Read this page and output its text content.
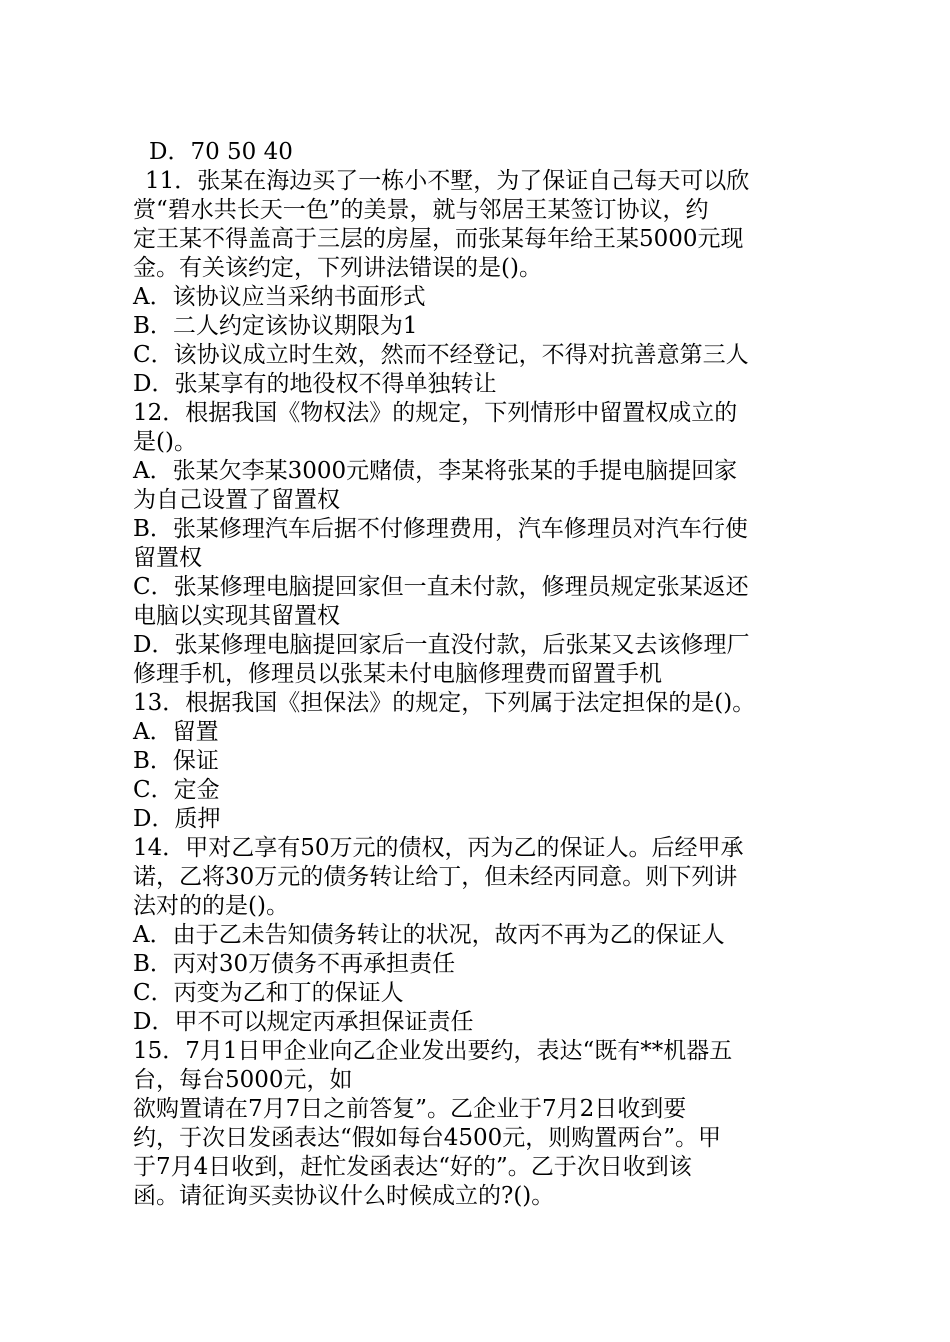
D．70 50 40
11．张某在海边买了一栋小不墅，为了保证自己每天可以欣
赏“碧水共长天一色”的美景，就与邻居王某签订协议，约
定王某不得盖高于三层的房屋，而张某每年给王某5000元现
金。有关该约定，下列讲法错误的是()。
A．该协议应当采纳书面形式
B．二人约定该协议期限为1
C．该协议成立时生效，然而不经登记，不得对抗善意第三人
D．张某享有的地役权不得单独转让
12．根据我国《物权法》的规定，下列情形中留置权成立的
是()。
A．张某欠李某3000元赌债，李某将张某的手提电脑提回家
为自己设置了留置权
B．张某修理汽车后据不付修理费用，汽车修理员对汽车行使
留置权
C．张某修理电脑提回家但一直未付款，修理员规定张某返还
电脑以实现其留置权
D．张某修理电脑提回家后一直没付款，后张某又去该修理厂
修理手机，修理员以张某未付电脑修理费而留置手机
13．根据我国《担保法》的规定，下列属于法定担保的是()。
A．留置
B．保证
C．定金
D．质押
14．甲对乙享有50万元的债权，丙为乙的保证人。后经甲承
诺，乙将30万元的债务转让给丁，但未经丙同意。则下列讲
法对的的是()。
A．由于乙未告知债务转让的状况，故丙不再为乙的保证人
B．丙对30万债务不再承担责任
C．丙变为乙和丁的保证人
D．甲不可以规定丙承担保证责任
15．7月1日甲企业向乙企业发出要约，表达“既有**机器五
台，每台5000元，如
欲购置请在7月7日之前答复”。乙企业于7月2日收到要
约，于次日发函表达“假如每台4500元，则购置两台”。甲
于7月4日收到，赶忙发函表达“好的”。乙于次日收到该
函。请征询买卖协议什么时候成立的?()。
